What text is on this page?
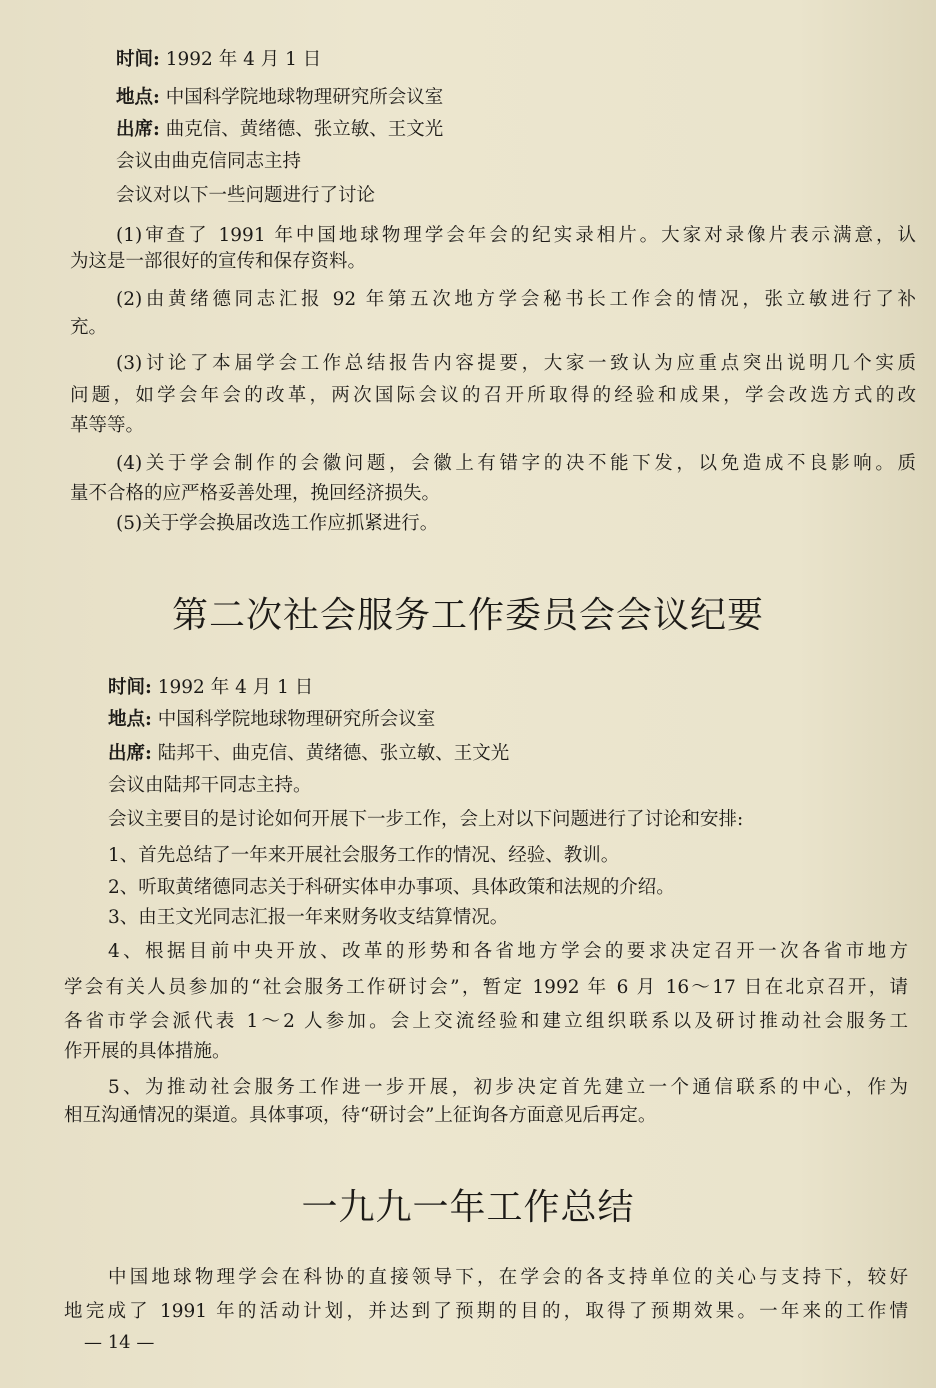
时间: 1992 年 4 月 1 日
地点: 中国科学院地球物理研究所会议室
出席: 曲克信、黄绪德、张立敏、王文光
会议由曲克信同志主持
会议对以下一些问题进行了讨论
(1)审查了 1991 年中国地球物理学会年会的纪实录相片。大家对录像片表示满意，认
为这是一部很好的宣传和保存资料。
(2)由黄绪德同志汇报 92 年第五次地方学会秘书长工作会的情况，张立敏进行了补
充。
(3)讨论了本届学会工作总结报告内容提要，大家一致认为应重点突出说明几个实质
问题，如学会年会的改革，两次国际会议的召开所取得的经验和成果，学会改选方式的改
革等等。
(4)关于学会制作的会徽问题，会徽上有错字的决不能下发，以免造成不良影响。质
量不合格的应严格妥善处理，挽回经济损失。
(5)关于学会换届改选工作应抓紧进行。
第二次社会服务工作委员会会议纪要
时间: 1992 年 4 月 1 日
地点: 中国科学院地球物理研究所会议室
出席: 陆邦干、曲克信、黄绪德、张立敏、王文光
会议由陆邦干同志主持。
会议主要目的是讨论如何开展下一步工作，会上对以下问题进行了讨论和安排:
1、首先总结了一年来开展社会服务工作的情况、经验、教训。
2、听取黄绪德同志关于科研实体申办事项、具体政策和法规的介绍。
3、由王文光同志汇报一年来财务收支结算情况。
4、根据目前中央开放、改革的形势和各省地方学会的要求决定召开一次各省市地方
学会有关人员参加的“社会服务工作研讨会”，暂定 1992 年 6 月 16～17 日在北京召开，请
各省市学会派代表 1～2 人参加。会上交流经验和建立组织联系以及研讨推动社会服务工
作开展的具体措施。
5、为推动社会服务工作进一步开展，初步决定首先建立一个通信联系的中心，作为
相互沟通情况的渠道。具体事项，待“研讨会”上征询各方面意见后再定。
一九九一年工作总结
中国地球物理学会在科协的直接领导下，在学会的各支持单位的关心与支持下，较好
地完成了 1991 年的活动计划，并达到了预期的目的，取得了预期效果。一年来的工作情
— 14 —
